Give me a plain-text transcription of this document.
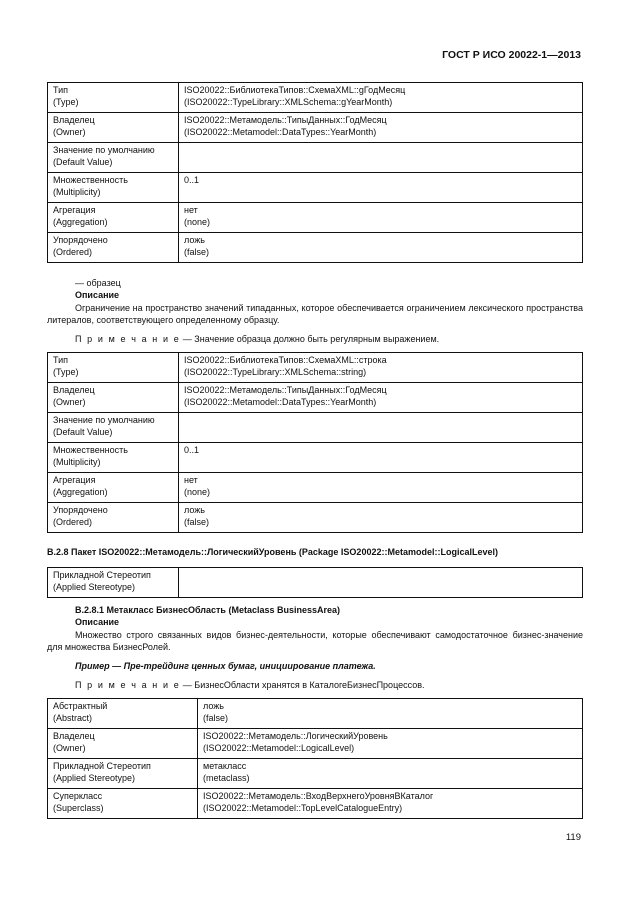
ГОСТ Р ИСО 20022-1—2013
Тип
(Type)	ISO20022::БиблиотекаТипов::СхемаXML::gГодМесяц
(ISO20022::TypeLibrary::XMLSchema::gYearMonth)

Владелец
(Owner)	ISO20022::Метамодель::ТипыДанных::ГодМесяц
(ISO20022::Metamodel::DataTypes::YearMonth)

Значение по умолчанию
(Default Value)	

Множественность
(Multiplicity)	0..1

Агрегация
(Aggregation)	нет
(none)

Упорядочено
(Ordered)	ложь
(false)
— образец
Описание
Ограничение на пространство значений типаданных, которое обеспечивается ограничением лексического пространства литералов, соответствующего определенному образцу.
П р и м е ч а н и е — Значение образца должно быть регулярным выражением.
Тип
(Type)	ISO20022::БиблиотекаТипов::СхемаXML::строка
(ISO20022::TypeLibrary::XMLSchema::string)

Владелец
(Owner)	ISO20022::Метамодель::ТипыДанных::ГодМесяц
(ISO20022::Metamodel::DataTypes::YearMonth)

Значение по умолчанию
(Default Value)	

Множественность
(Multiplicity)	0..1

Агрегация
(Aggregation)	нет
(none)

Упорядочено
(Ordered)	ложь
(false)
В.2.8 Пакет ISO20022::Метамодель::ЛогическийУровень (Package ISO20022::Metamodel::LogicalLevel)
Прикладной Стереотип
(Applied Stereotype)

В.2.8.1 Метакласс БизнесОбласть (Metaclass BusinessArea)
Описание
Множество строго связанных видов бизнес-деятельности, которые обеспечивают самодостаточное бизнес-значение для множества БизнесРолей.
Пример — Пре-трейдинг ценных бумаг, инициирование платежа.
П р и м е ч а н и е — БизнесОбласти хранятся в КаталогеБизнесПроцессов.
Абстрактный
(Abstract)	ложь
(false)

Владелец
(Owner)	ISO20022::Метамодель::ЛогическийУровень
(ISO20022::Metamodel::LogicalLevel)

Прикладной Стереотип
(Applied Stereotype)	метакласс
(metaclass)

Суперкласс
(Superclass)	ISO20022::Метамодель::ВходВерхнегоУровняВКаталог
(ISO20022::Metamodel::TopLevelCatalogueEntry)
119
